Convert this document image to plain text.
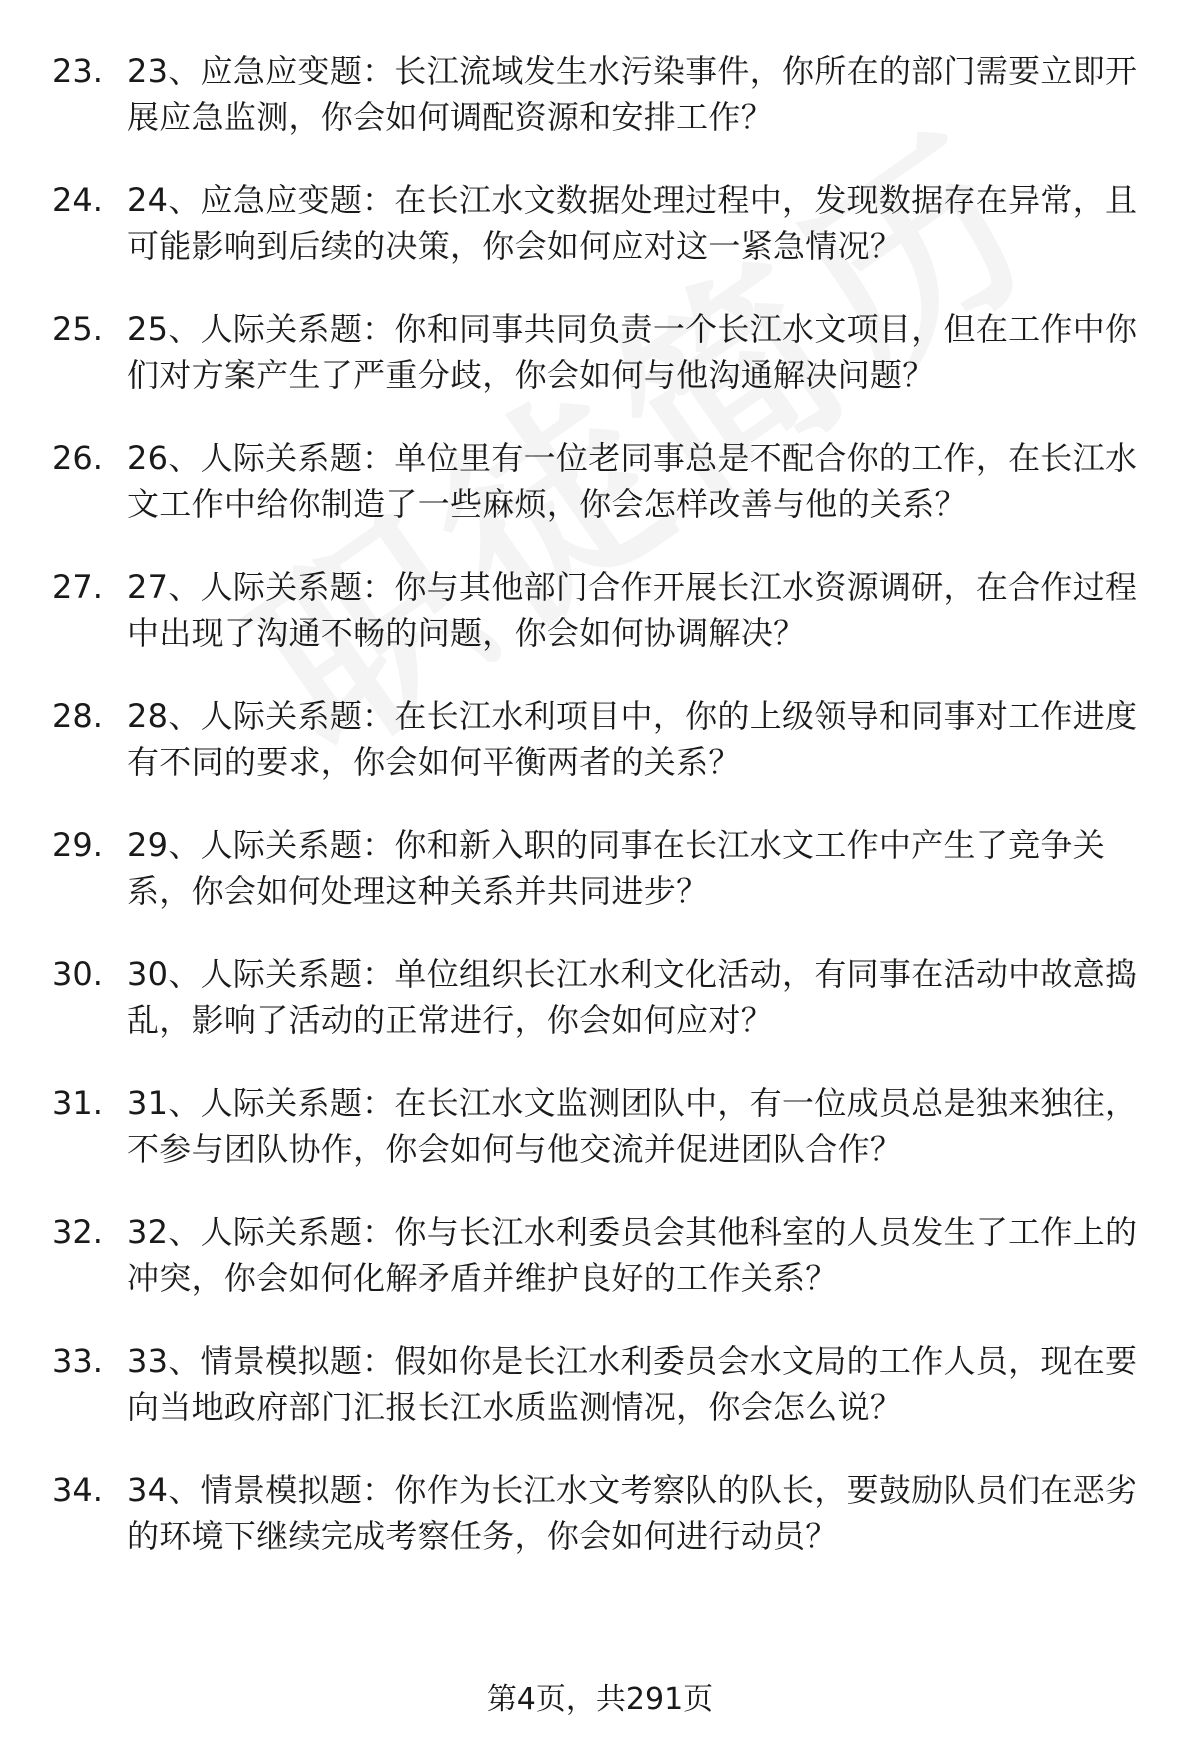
23. 23、应急应变题：长江流域发生水污染事件，你所在的部门需要立即开展应急监测，你会如何调配资源和安排工作？
24. 24、应急应变题：在长江水文数据处理过程中，发现数据存在异常，且可能影响到后续的决策，你会如何应对这一紧急情况？
25. 25、人际关系题：你和同事共同负责一个长江水文项目，但在工作中你们对方案产生了严重分歧，你会如何与他沟通解决问题？
26. 26、人际关系题：单位里有一位老同事总是不配合你的工作，在长江水文工作中给你制造了一些麻烦，你会怎样改善与他的关系？
27. 27、人际关系题：你与其他部门合作开展长江水资源调研，在合作过程中出现了沟通不畅的问题，你会如何协调解决？
28. 28、人际关系题：在长江水利项目中，你的上级领导和同事对工作进度有不同的要求，你会如何平衡两者的关系？
29. 29、人际关系题：你和新入职的同事在长江水文工作中产生了竞争关系，你会如何处理这种关系并共同进步？
30. 30、人际关系题：单位组织长江水利文化活动，有同事在活动中故意捣乱，影响了活动的正常进行，你会如何应对？
31. 31、人际关系题：在长江水文监测团队中，有一位成员总是独来独往，不参与团队协作，你会如何与他交流并促进团队合作？
32. 32、人际关系题：你与长江水利委员会其他科室的人员发生了工作上的冲突，你会如何化解矛盾并维护良好的工作关系？
33. 33、情景模拟题：假如你是长江水利委员会水文局的工作人员，现在要向当地政府部门汇报长江水质监测情况，你会怎么说？
34. 34、情景模拟题：你作为长江水文考察队的队长，要鼓励队员们在恶劣的环境下继续完成考察任务，你会如何进行动员？
第4页，共291页
